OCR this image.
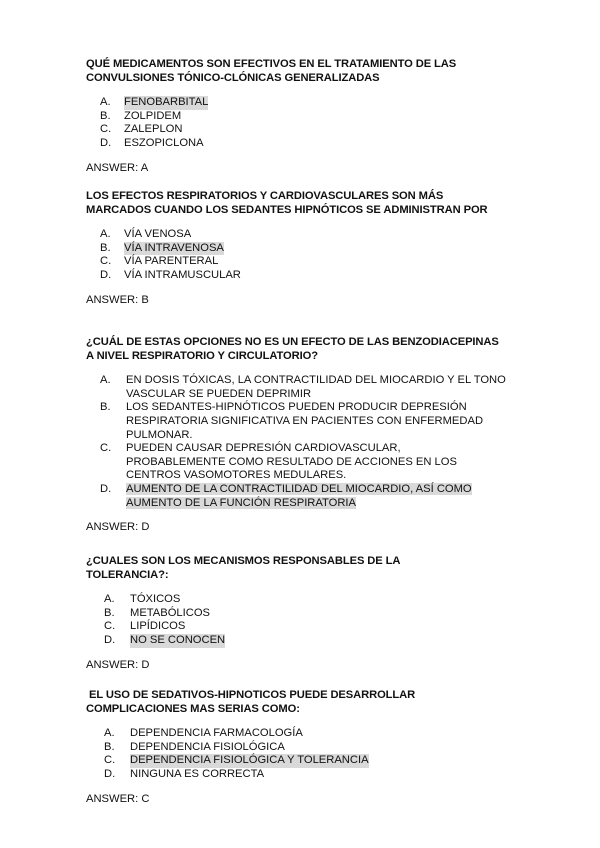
QUÉ MEDICAMENTOS SON EFECTIVOS EN EL TRATAMIENTO DE LAS CONVULSIONES TÓNICO-CLÓNICAS GENERALIZADAS

A.	FENOBARBITAL
B.	ZOLPIDEM
C.	ZALEPLON
D.	ESZOPICLONA
ANSWER: A

LOS EFECTOS RESPIRATORIOS Y CARDIOVASCULARES SON MÁS MARCADOS CUANDO LOS SEDANTES HIPNÓTICOS SE ADMINISTRAN POR

A.	VÍA VENOSA
B.	VÍA INTRAVENOSA
C.	VÍA PARENTERAL
D.	VÍA INTRAMUSCULAR
ANSWER: B

¿CUÁL DE ESTAS OPCIONES NO ES UN EFECTO DE LAS BENZODIACEPINAS A NIVEL RESPIRATORIO Y CIRCULATORIO?

A.	EN DOSIS TÓXICAS, LA CONTRACTILIDAD DEL MIOCARDIO Y EL TONO VASCULAR SE PUEDEN DEPRIMIR
B.	LOS SEDANTES-HIPNÓTICOS PUEDEN PRODUCIR DEPRESIÓN RESPIRATORIA SIGNIFICATIVA EN PACIENTES CON ENFERMEDAD PULMONAR.
C.	PUEDEN CAUSAR DEPRESIÓN CARDIOVASCULAR, PROBABLEMENTE COMO RESULTADO DE ACCIONES EN LOS CENTROS VASOMOTORES MEDULARES.
D.	AUMENTO DE LA CONTRACTILIDAD DEL MIOCARDIO, ASÍ COMO AUMENTO DE LA FUNCIÓN RESPIRATORIA
ANSWER: D

¿CUALES SON LOS MECANISMOS RESPONSABLES DE LA TOLERANCIA?:

A.	TÓXICOS
B.	METABÓLICOS
C.	LIPÍDICOS
D.	NO SE CONOCEN
ANSWER: D

EL USO DE SEDATIVOS-HIPNOTICOS PUEDE DESARROLLAR COMPLICACIONES MAS SERIAS COMO:

A.	DEPENDENCIA FARMACOLOGÍA
B.	DEPENDENCIA FISIOLÓGICA
C.	DEPENDENCIA FISIOLÓGICA Y TOLERANCIA
D.	NINGUNA ES CORRECTA
ANSWER: C
